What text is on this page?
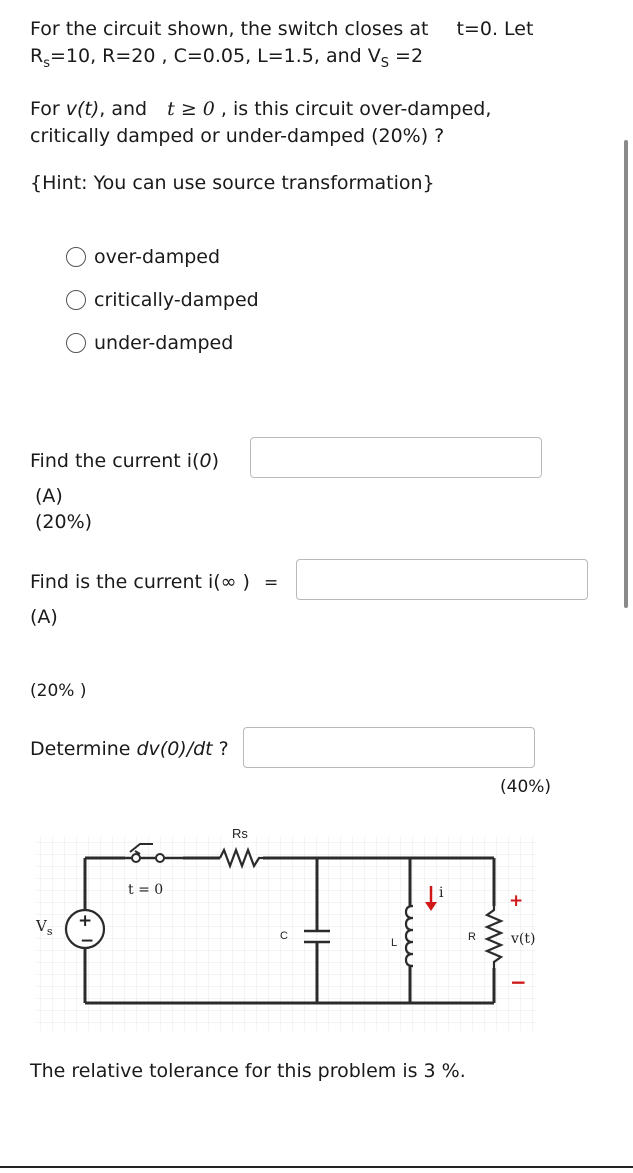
For the circuit shown, the switch closes at t=0. Let
$R_s=10$, R=20 , C=0.05, L=1.5, and $V_S =2$
For v(t), and t ≥ 0 , is this circuit over-damped,
critically damped or under-damped (20%) ?
{Hint: You can use source transformation}
over-damped
critically-damped
under-damped
Find the current i(0)
(A)
(20%)
Find is the current i(∞ ) =
(A)
(20% )
Determine dv(0)/dt ?
(40%)
t = 0
Rs
+
−
$V_s$	C
L
i
R
+
v(t)
−
The relative tolerance for this problem is 3 %.
